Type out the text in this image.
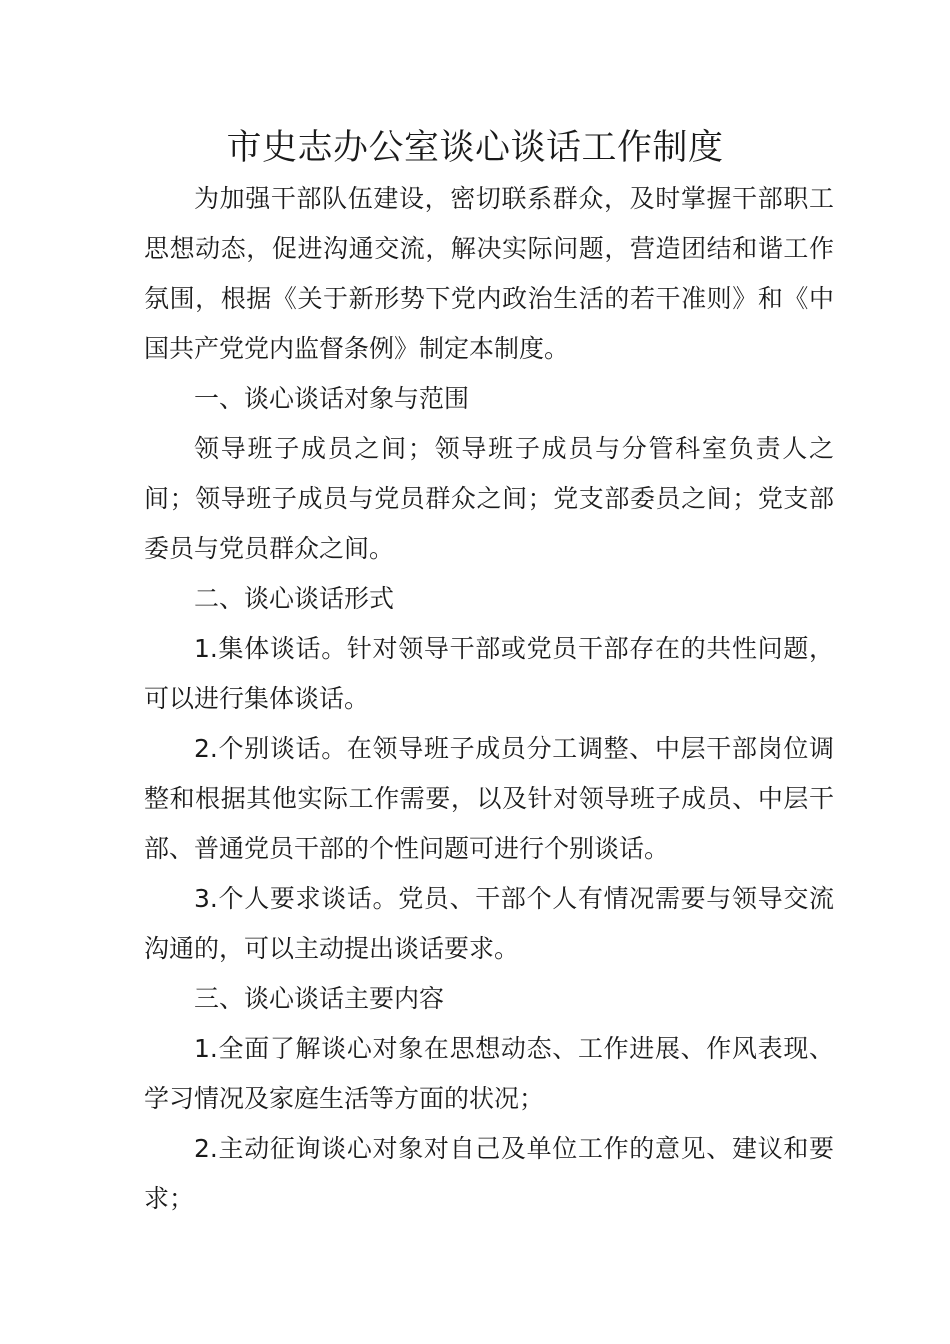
市史志办公室谈心谈话工作制度

为加强干部队伍建设，密切联系群众，及时掌握干部职工思想动态，促进沟通交流，解决实际问题，营造团结和谐工作氛围，根据《关于新形势下党内政治生活的若干准则》和《中国共产党党内监督条例》制定本制度。

一、谈心谈话对象与范围

领导班子成员之间；领导班子成员与分管科室负责人之间；领导班子成员与党员群众之间；党支部委员之间；党支部委员与党员群众之间。

二、谈心谈话形式

1.集体谈话。针对领导干部或党员干部存在的共性问题，可以进行集体谈话。

2.个别谈话。在领导班子成员分工调整、中层干部岗位调整和根据其他实际工作需要，以及针对领导班子成员、中层干部、普通党员干部的个性问题可进行个别谈话。

3.个人要求谈话。党员、干部个人有情况需要与领导交流沟通的，可以主动提出谈话要求。

三、谈心谈话主要内容

1.全面了解谈心对象在思想动态、工作进展、作风表现、学习情况及家庭生活等方面的状况；

2.主动征询谈心对象对自己及单位工作的意见、建议和要求；
